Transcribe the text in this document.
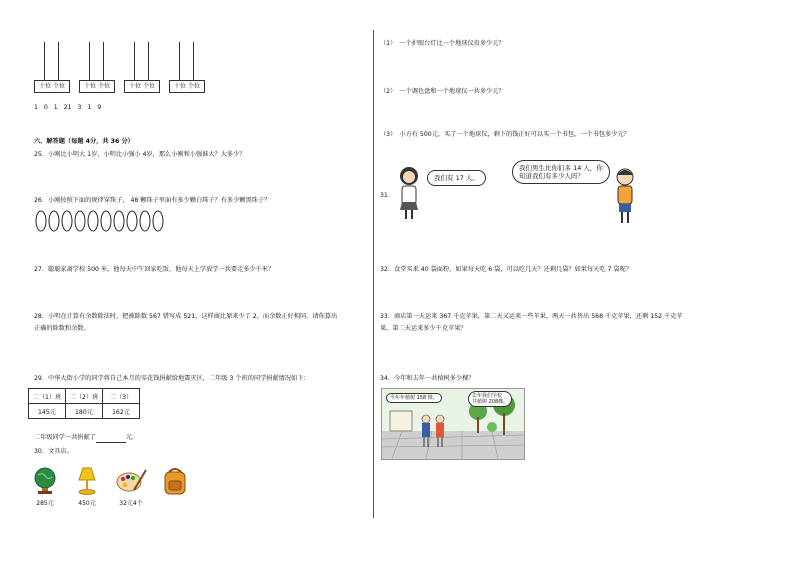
十位 个位	十位 个位	十位 个位	十位 个位
1 0 1 21 3 1 9
六、解答题（每题 4分，共 36 分）
25．小刚比小明大 1岁，小明比小强小 4岁，那么小刚和小强谁大？大多少？
26．小刚按照下面的规律穿珠子， 48 颗珠子里面有多少颗白珠子？有多少颗黑珠子？
27．聪聪家离学校 500 米，他每天中午回家吃饭，他每天上学放学一共要走多少千米？
28．小明在计算有余数除法时，把被除数 567 错写成 521，这样商比原来少了 2，而余数正好相同。请你算出
正确的除数和余数。
29．中华大街小学的同学将自己本月的零花钱捐献给地震灾区，二年级 3 个班的同学捐献情况如下：
二（1）班	二（2）班	二（3）
145元	180元	162元
二年级同学一共捐献了	元．
30．文具店。
285元	450元	32元4个
（1）　一个护眼台灯比一个地球仪贵多少元？
（2）　一个调色盘和一个地球仪一共多少元？
（3）　小方有 500元，买了一个地球仪，剩下的钱正好可以买一个书包，一个书包多少元？
31．
我们有 17 人。
我们男生比你们多 14 人，你
知道我们有多少人吗？
32．食堂买来 40 袋面粉，如果每天吃 6 袋，可以吃几天？还剩几袋？如果每天吃 7 袋呢？
33．商店第一天运来 367 千克苹果，第二天又运来一些苹果，两天一共售出 568 千克苹果，还剩 152 千克苹
果，第二天运来多少千克苹果？
34．今年和去年一共植树多少棵？
今年年植树 158 棵。	去年我们学校
共植树 208棵。
